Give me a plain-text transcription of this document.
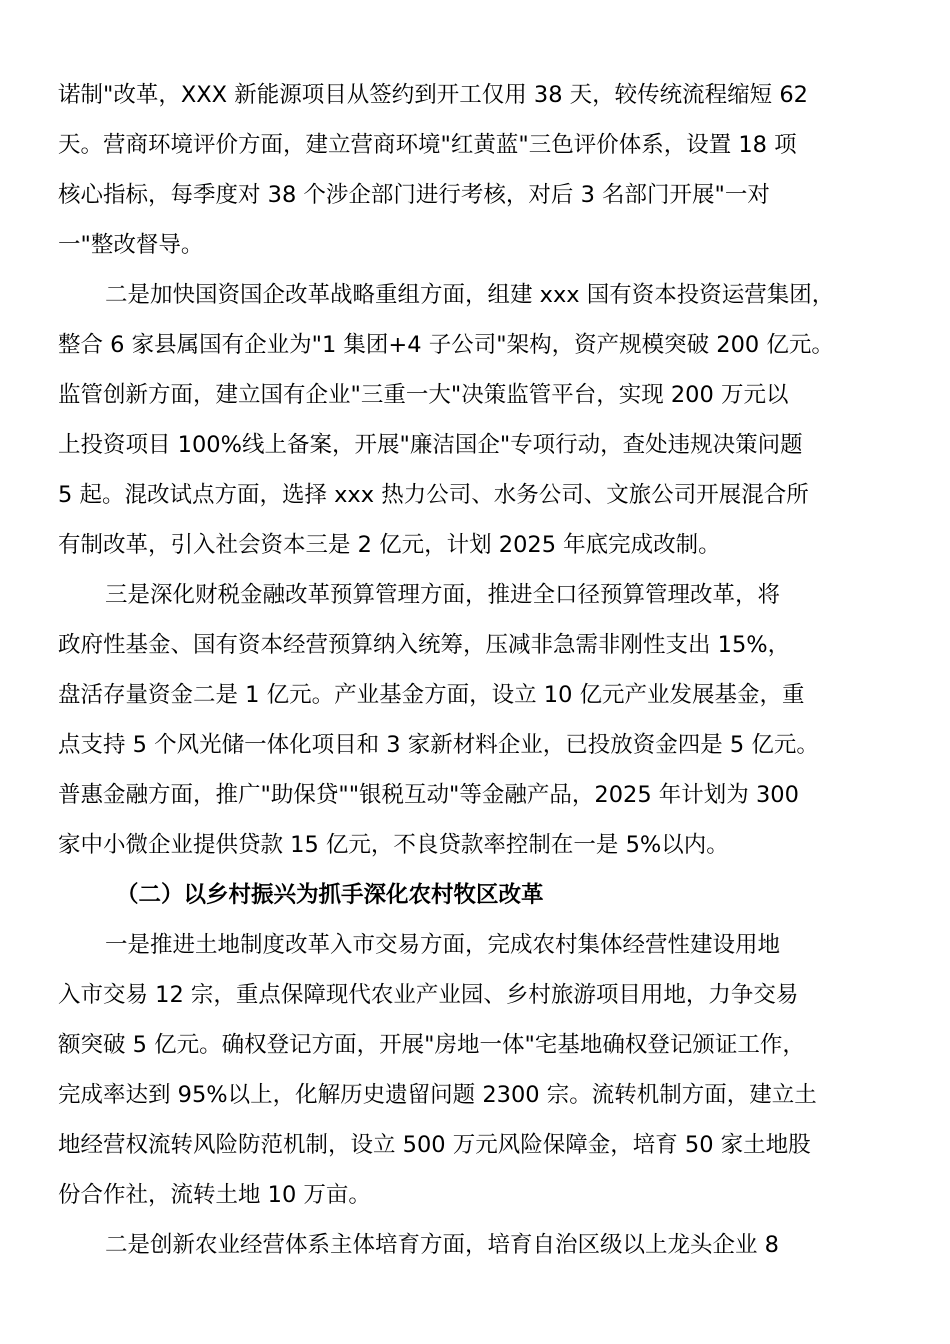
诺制"改革，XXX 新能源项目从签约到开工仅用 38 天，较传统流程缩短 62
天。营商环境评价方面，建立营商环境"红黄蓝"三色评价体系，设置 18 项
核心指标，每季度对 38 个涉企部门进行考核，对后 3 名部门开展"一对
一"整改督导。
二是加快国资国企改革战略重组方面，组建 xxx 国有资本投资运营集团，
整合 6 家县属国有企业为"1 集团+4 子公司"架构，资产规模突破 200 亿元。
监管创新方面，建立国有企业"三重一大"决策监管平台，实现 200 万元以
上投资项目 100%线上备案，开展"廉洁国企"专项行动，查处违规决策问题
5 起。混改试点方面，选择 xxx 热力公司、水务公司、文旅公司开展混合所
有制改革，引入社会资本三是 2 亿元，计划 2025 年底完成改制。
三是深化财税金融改革预算管理方面，推进全口径预算管理改革，将
政府性基金、国有资本经营预算纳入统筹，压减非急需非刚性支出 15%，
盘活存量资金二是 1 亿元。产业基金方面，设立 10 亿元产业发展基金，重
点支持 5 个风光储一体化项目和 3 家新材料企业，已投放资金四是 5 亿元。
普惠金融方面，推广"助保贷""银税互动"等金融产品，2025 年计划为 300
家中小微企业提供贷款 15 亿元，不良贷款率控制在一是 5%以内。
（二）以乡村振兴为抓手深化农村牧区改革
一是推进土地制度改革入市交易方面，完成农村集体经营性建设用地
入市交易 12 宗，重点保障现代农业产业园、乡村旅游项目用地，力争交易
额突破 5 亿元。确权登记方面，开展"房地一体"宅基地确权登记颁证工作，
完成率达到 95%以上，化解历史遗留问题 2300 宗。流转机制方面，建立土
地经营权流转风险防范机制，设立 500 万元风险保障金，培育 50 家土地股
份合作社，流转土地 10 万亩。
二是创新农业经营体系主体培育方面，培育自治区级以上龙头企业 8
